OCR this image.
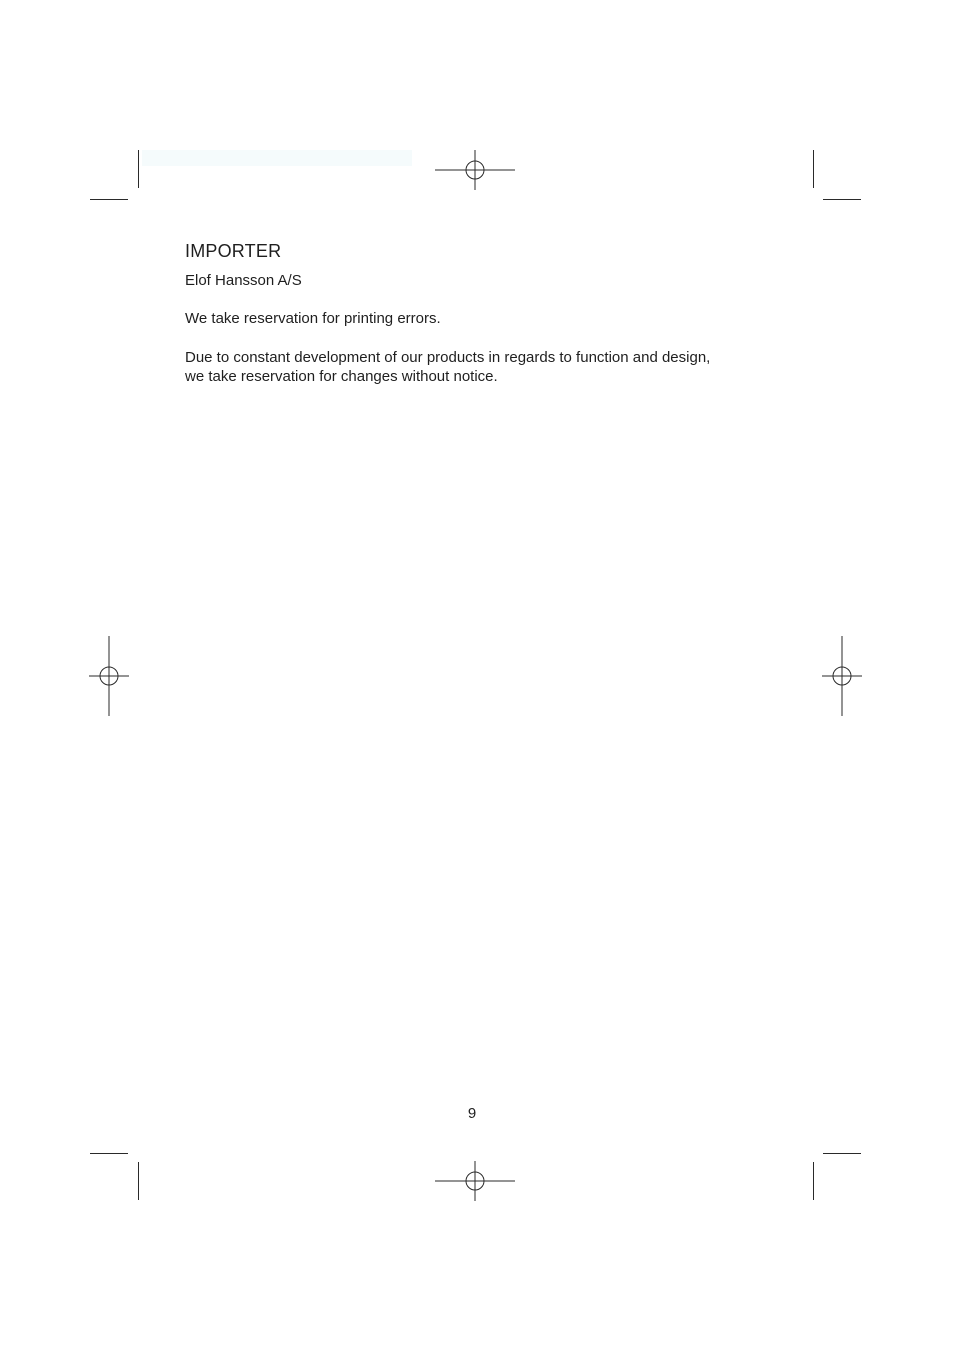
IMPORTER

Elof Hansson A/S

We take reservation for printing errors.

Due to constant development of our products in regards to function and design,

we take reservation for changes without notice.

9
